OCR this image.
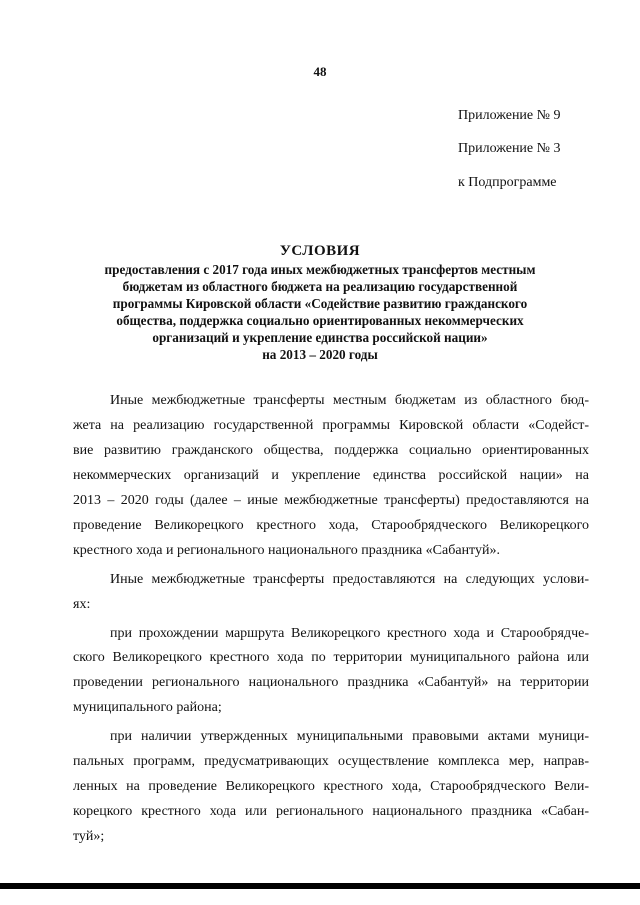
48
Приложение № 9
Приложение № 3
к Подпрограмме
УСЛОВИЯ
предоставления с 2017 года иных межбюджетных трансфертов местным
бюджетам из областного бюджета на реализацию государственной
программы Кировской области «Содействие развитию гражданского
общества, поддержка социально ориентированных некоммерческих
организаций и укрепление единства российской нации»
на 2013 – 2020 годы
Иные межбюджетные трансферты местным бюджетам из областного бюд-
жета на реализацию государственной программы Кировской области «Содейст-
вие развитию гражданского общества, поддержка социально ориентированных
некоммерческих организаций и укрепление единства российской нации» на
2013 – 2020 годы (далее – иные межбюджетные трансферты) предоставляются на
проведение Великорецкого крестного хода, Старообрядческого Великорецкого
крестного хода и регионального национального праздника «Сабантуй».
Иные межбюджетные трансферты предоставляются на следующих услови-
ях:
при прохождении маршрута Великорецкого крестного хода и Старообрядче-
ского Великорецкого крестного хода по территории муниципального района или
проведении регионального национального праздника «Сабантуй» на территории
муниципального района;
при наличии утвержденных муниципальными правовыми актами муници-
пальных программ, предусматривающих осуществление комплекса мер, направ-
ленных на проведение Великорецкого крестного хода, Старообрядческого Вели-
корецкого крестного хода или регионального национального праздника «Сабан-
туй»;
